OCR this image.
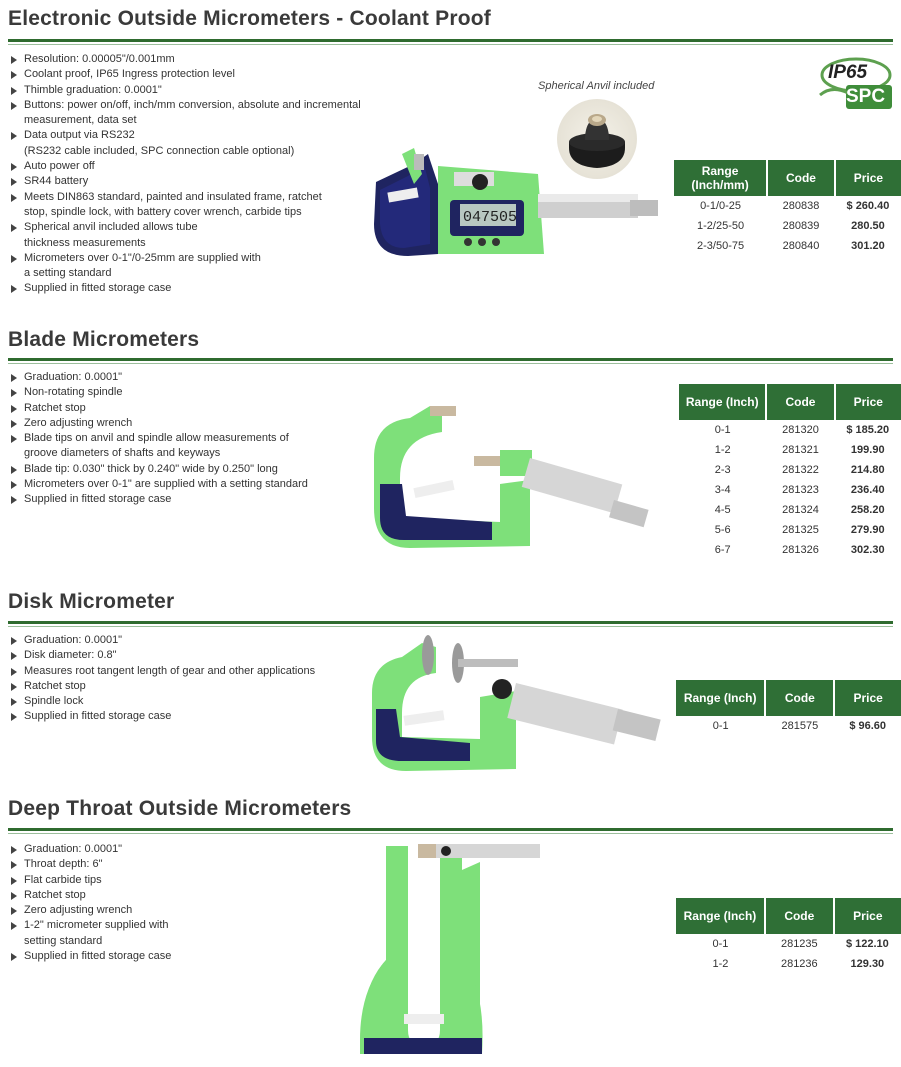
Electronic Outside Micrometers - Coolant Proof
Resolution: 0.00005"/0.001mm
Coolant proof, IP65 Ingress protection level
Thimble graduation: 0.0001"
Buttons: power on/off, inch/mm conversion, absolute and incremental
measurement, data set
Data output via RS232
(RS232 cable included, SPC connection cable optional)
Auto power off
SR44 battery
Meets DIN863 standard, painted and insulated frame, ratchet
stop, spindle lock, with battery cover wrench, carbide tips
Spherical anvil included allows tube
thickness measurements
Micrometers over 0-1"/0-25mm are supplied with
a setting standard
Supplied in fitted storage case
Spherical Anvil included
IP65
SPC
047505
Range (Inch/mm)	Code	Price
0-1/0-25	280838	$ 260.40
1-2/25-50	280839	280.50
2-3/50-75	280840	301.20
Blade Micrometers
Graduation: 0.0001"
Non-rotating spindle
Ratchet stop
Zero adjusting wrench
Blade tips on anvil and spindle allow measurements of
groove diameters of shafts and keyways
Blade tip: 0.030" thick by 0.240" wide by 0.250" long
Micrometers over 0-1" are supplied with a setting standard
Supplied in fitted storage case
Range (Inch)	Code	Price
0-1	281320	$ 185.20
1-2	281321	199.90
2-3	281322	214.80
3-4	281323	236.40
4-5	281324	258.20
5-6	281325	279.90
6-7	281326	302.30
Disk Micrometer
Graduation: 0.0001"
Disk diameter: 0.8"
Measures root tangent length of gear and other applications
Ratchet stop
Spindle lock
Supplied in fitted storage case
Range (Inch)	Code	Price
0-1	281575	$ 96.60
Deep Throat Outside Micrometers
Graduation: 0.0001"
Throat depth: 6"
Flat carbide tips
Ratchet stop
Zero adjusting wrench
1-2" micrometer supplied with
setting standard
Supplied in fitted storage case
Range (Inch)	Code	Price
0-1	281235	$ 122.10
1-2	281236	129.30
